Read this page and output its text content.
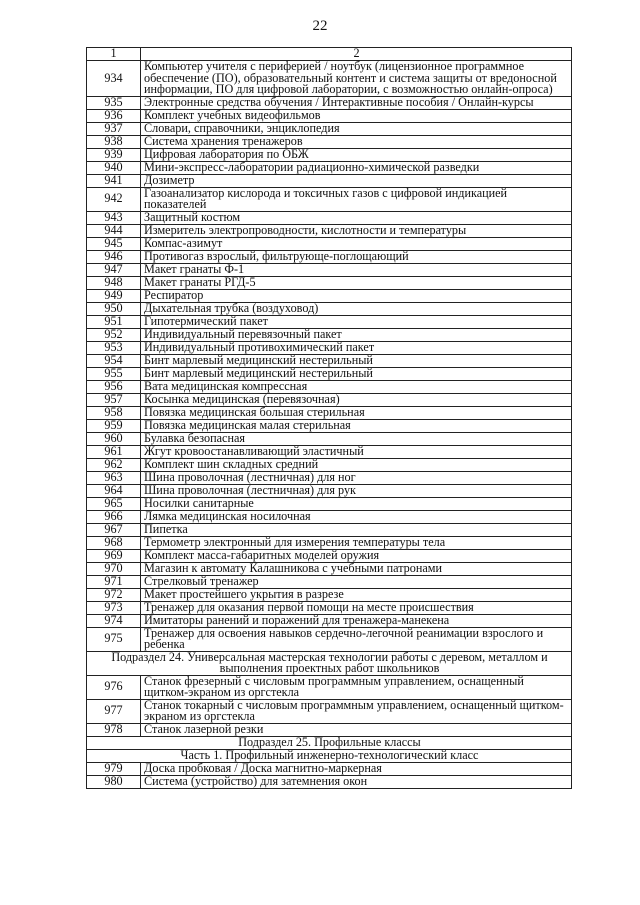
22
1	2
934	Компьютер учителя с периферией / ноутбук (лицензионное программное обеспечение (ПО), образовательный контент и система защиты от вредоносной информации, ПО для цифровой лаборатории, с возможностью онлайн-опроса)
935	Электронные средства обучения / Интерактивные пособия / Онлайн-курсы
936	Комплект учебных видеофильмов
937	Словари, справочники, энциклопедия
938	Система хранения тренажеров
939	Цифровая лаборатория по ОБЖ
940	Мини-экспресс-лаборатории радиационно-химической разведки
941	Дозиметр
942	Газоанализатор кислорода и токсичных газов с цифровой индикацией показателей
943	Защитный костюм
944	Измеритель электропроводности, кислотности и температуры
945	Компас-азимут
946	Противогаз взрослый, фильтрующе-поглощающий
947	Макет гранаты Ф-1
948	Макет гранаты РГД-5
949	Респиратор
950	Дыхательная трубка (воздуховод)
951	Гипотермический пакет
952	Индивидуальный перевязочный пакет
953	Индивидуальный противохимический пакет
954	Бинт марлевый медицинский нестерильный
955	Бинт марлевый медицинский нестерильный
956	Вата медицинская компрессная
957	Косынка медицинская (перевязочная)
958	Повязка медицинская большая стерильная
959	Повязка медицинская малая стерильная
960	Булавка безопасная
961	Жгут кровоостанавливающий эластичный
962	Комплект шин складных средний
963	Шина проволочная (лестничная) для ног
964	Шина проволочная (лестничная) для рук
965	Носилки санитарные
966	Лямка медицинская носилочная
967	Пипетка
968	Термометр электронный для измерения температуры тела
969	Комплект масса-габаритных моделей оружия
970	Магазин к автомату Калашникова с учебными патронами
971	Стрелковый тренажер
972	Макет простейшего укрытия в разрезе
973	Тренажер для оказания первой помощи на месте происшествия
974	Имитаторы ранений и поражений для тренажера-манекена
975	Тренажер для освоения навыков сердечно-легочной реанимации взрослого и ребенка
Подраздел 24. Универсальная мастерская технологии работы с деревом, металлом и выполнения проектных работ школьников	
976	Станок фрезерный с числовым программным управлением, оснащенный щитком-экраном из оргстекла
977	Станок токарный с числовым программным управлением, оснащенный щитком-экраном из оргстекла
978	Станок лазерной резки
Подраздел 25. Профильные классы	
Часть 1. Профильный инженерно-технологический класс	
979	Доска пробковая / Доска магнитно-маркерная
980	Система (устройство) для затемнения окон
